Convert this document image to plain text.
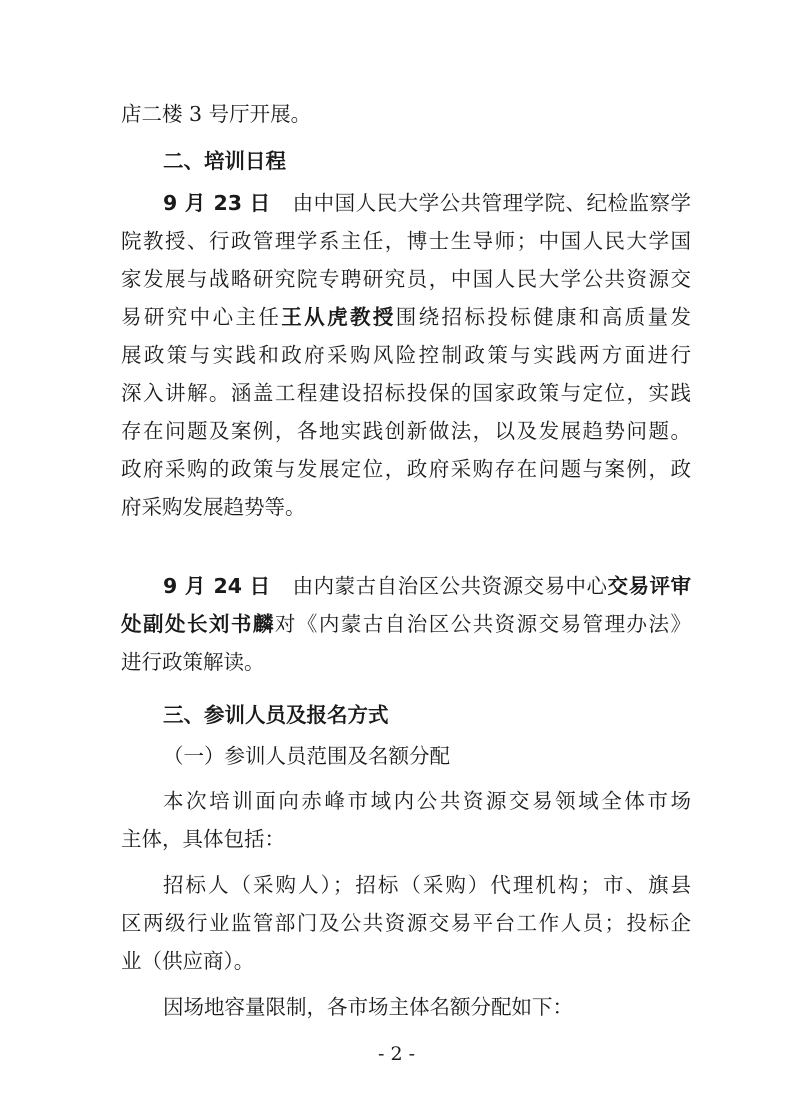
店二楼 3 号厅开展。
二、培训日程
9 月 23 日 由中国人民大学公共管理学院、纪检监察学
院教授、行政管理学系主任，博士生导师；中国人民大学国
家发展与战略研究院专聘研究员，中国人民大学公共资源交
易研究中心主任王从虎教授围绕招标投标健康和高质量发
展政策与实践和政府采购风险控制政策与实践两方面进行
深入讲解。涵盖工程建设招标投保的国家政策与定位，实践
存在问题及案例，各地实践创新做法，以及发展趋势问题。
政府采购的政策与发展定位，政府采购存在问题与案例，政
府采购发展趋势等。
9 月 24 日 由内蒙古自治区公共资源交易中心交易评审
处副处长刘书麟对《内蒙古自治区公共资源交易管理办法》
进行政策解读。
三、参训人员及报名方式
（一）参训人员范围及名额分配
本次培训面向赤峰市域内公共资源交易领域全体市场
主体，具体包括：
招标人（采购人）；招标（采购）代理机构；市、旗县
区两级行业监管部门及公共资源交易平台工作人员；投标企
业（供应商）。
因场地容量限制，各市场主体名额分配如下：
- 2 -
